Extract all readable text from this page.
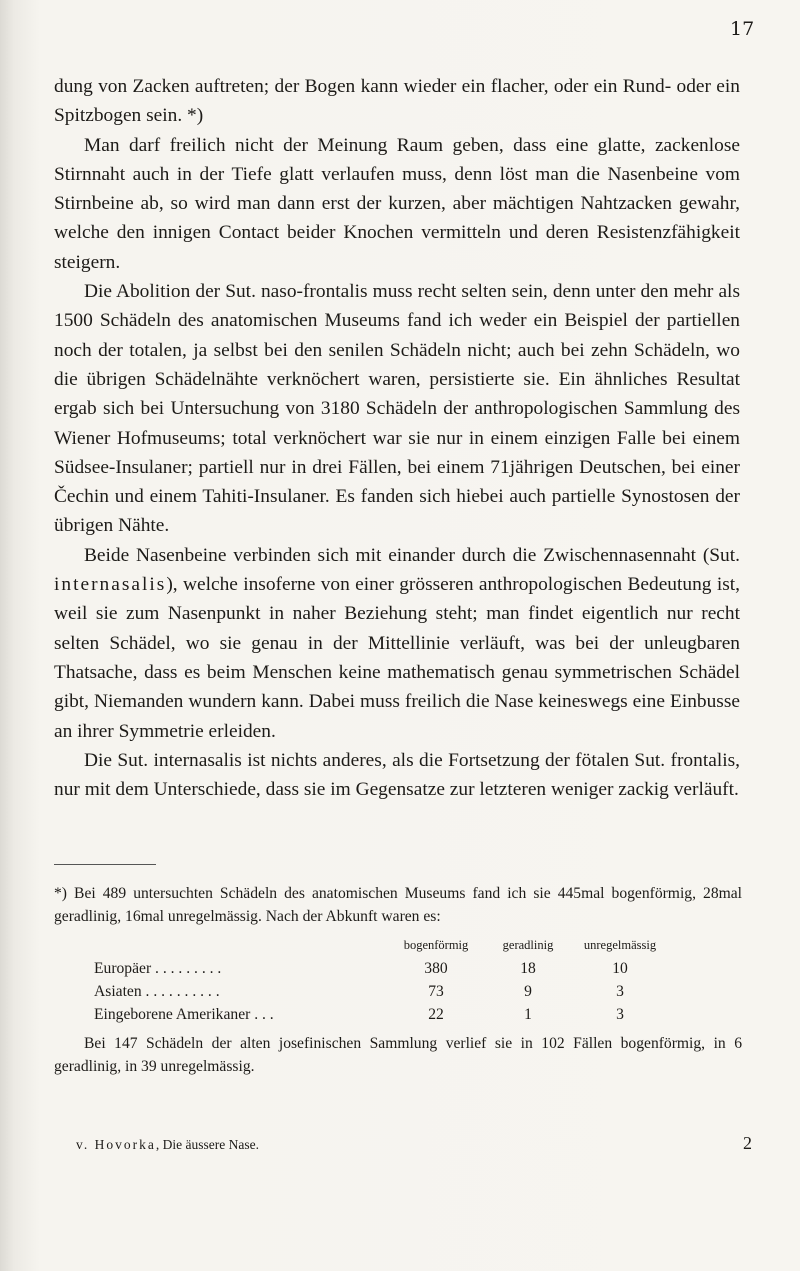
17

dung von Zacken auftreten; der Bogen kann wieder ein flacher, oder ein Rund- oder ein Spitzbogen sein. *)

Man darf freilich nicht der Meinung Raum geben, dass eine glatte, zackenlose Stirnnaht auch in der Tiefe glatt verlaufen muss, denn löst man die Nasenbeine vom Stirnbeine ab, so wird man dann erst der kurzen, aber mächtigen Nahtzacken gewahr, welche den innigen Contact beider Knochen vermitteln und deren Resistenzfähigkeit steigern.

Die Abolition der Sut. naso-frontalis muss recht selten sein, denn unter den mehr als 1500 Schädeln des anatomischen Museums fand ich weder ein Beispiel der partiellen noch der totalen, ja selbst bei den senilen Schädeln nicht; auch bei zehn Schädeln, wo die übrigen Schädelnähte verknöchert waren, persistierte sie. Ein ähnliches Resultat ergab sich bei Untersuchung von 3180 Schädeln der anthropologischen Sammlung des Wiener Hofmuseums; total verknöchert war sie nur in einem einzigen Falle bei einem Südsee-Insulaner; partiell nur in drei Fällen, bei einem 71jährigen Deutschen, bei einer Čechin und einem Tahiti-Insulaner. Es fanden sich hiebei auch partielle Synostosen der übrigen Nähte.

Beide Nasenbeine verbinden sich mit einander durch die Zwischennasennaht (Sut. internasalis), welche insoferne von einer grösseren anthropologischen Bedeutung ist, weil sie zum Nasenpunkt in naher Beziehung steht; man findet eigentlich nur recht selten Schädel, wo sie genau in der Mittellinie verläuft, was bei der unleugbaren Thatsache, dass es beim Menschen keine mathematisch genau symmetrischen Schädel gibt, Niemanden wundern kann. Dabei muss freilich die Nase keineswegs eine Einbusse an ihrer Symmetrie erleiden.

Die Sut. internasalis ist nichts anderes, als die Fortsetzung der fötalen Sut. frontalis, nur mit dem Unterschiede, dass sie im Gegensatze zur letzteren weniger zackig verläuft.

*) Bei 489 untersuchten Schädeln des anatomischen Museums fand ich sie 445mal bogenförmig, 28mal geradlinig, 16mal unregelmässig. Nach der Abkunft waren es:

	bogenförmig	geradlinig	unregelmässig
Europäer . . . . . . . . .	380	18	10
Asiaten . . . . . . . . . .	73	9	3
Eingeborene Amerikaner . . .	22	1	3

Bei 147 Schädeln der alten josefinischen Sammlung verlief sie in 102 Fällen bogenförmig, in 6 geradlinig, in 39 unregelmässig.

v. Hovorka, Die äussere Nase.	2
